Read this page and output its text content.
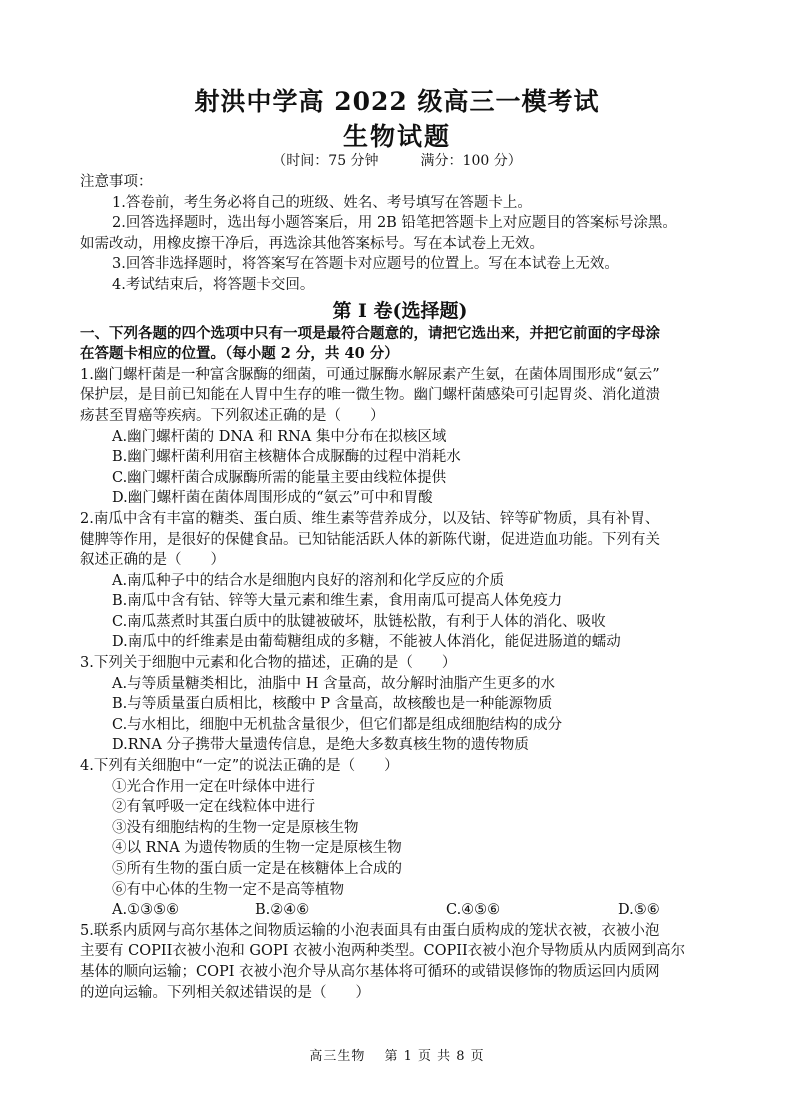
射洪中学高 2022 级高三一模考试
生物试题
（时间：75 分钟　　　满分：100 分）
注意事项：
1.答卷前，考生务必将自己的班级、姓名、考号填写在答题卡上。
2.回答选择题时，选出每小题答案后，用 2B 铅笔把答题卡上对应题目的答案标号涂黑。
如需改动，用橡皮擦干净后，再选涂其他答案标号。写在本试卷上无效。
3.回答非选择题时，将答案写在答题卡对应题号的位置上。写在本试卷上无效。
4.考试结束后，将答题卡交回。
第 I 卷(选择题)
一、下列各题的四个选项中只有一项是最符合题意的，请把它选出来，并把它前面的字母涂
在答题卡相应的位置。（每小题 2 分，共 40 分）
1.幽门螺杆菌是一种富含脲酶的细菌，可通过脲酶水解尿素产生氨，在菌体周围形成“氨云”
保护层，是目前已知能在人胃中生存的唯一微生物。幽门螺杆菌感染可引起胃炎、消化道溃
疡甚至胃癌等疾病。下列叙述正确的是（　　）
A.幽门螺杆菌的 DNA 和 RNA 集中分布在拟核区域
B.幽门螺杆菌利用宿主核糖体合成脲酶的过程中消耗水
C.幽门螺杆菌合成脲酶所需的能量主要由线粒体提供
D.幽门螺杆菌在菌体周围形成的“氨云”可中和胃酸
2.南瓜中含有丰富的糖类、蛋白质、维生素等营养成分，以及钴、锌等矿物质，具有补胃、
健脾等作用，是很好的保健食品。已知钴能活跃人体的新陈代谢，促进造血功能。下列有关
叙述正确的是（　　）
A.南瓜种子中的结合水是细胞内良好的溶剂和化学反应的介质
B.南瓜中含有钴、锌等大量元素和维生素，食用南瓜可提高人体免疫力
C.南瓜蒸煮时其蛋白质中的肽键被破坏，肽链松散，有利于人体的消化、吸收
D.南瓜中的纤维素是由葡萄糖组成的多糖，不能被人体消化，能促进肠道的蠕动
3.下列关于细胞中元素和化合物的描述，正确的是（　　）
A.与等质量糖类相比，油脂中 H 含量高，故分解时油脂产生更多的水
B.与等质量蛋白质相比，核酸中 P 含量高，故核酸也是一种能源物质
C.与水相比，细胞中无机盐含量很少，但它们都是组成细胞结构的成分
D.RNA 分子携带大量遗传信息，是绝大多数真核生物的遗传物质
4.下列有关细胞中“一定”的说法正确的是（　　）
①光合作用一定在叶绿体中进行
②有氧呼吸一定在线粒体中进行
③没有细胞结构的生物一定是原核生物
④以 RNA 为遗传物质的生物一定是原核生物
⑤所有生物的蛋白质一定是在核糖体上合成的
⑥有中心体的生物一定不是高等植物
A.①③⑤⑥	B.②④⑥	C.④⑤⑥	D.⑤⑥
5.联系内质网与高尔基体之间物质运输的小泡表面具有由蛋白质构成的笼状衣被，衣被小泡
主要有 COPII衣被小泡和 GOPI 衣被小泡两种类型。COPII衣被小泡介导物质从内质网到高尔
基体的顺向运输；COPI 衣被小泡介导从高尔基体将可循环的或错误修饰的物质运回内质网
的逆向运输。下列相关叙述错误的是（　　）
高三生物　 第 1 页 共 8 页
